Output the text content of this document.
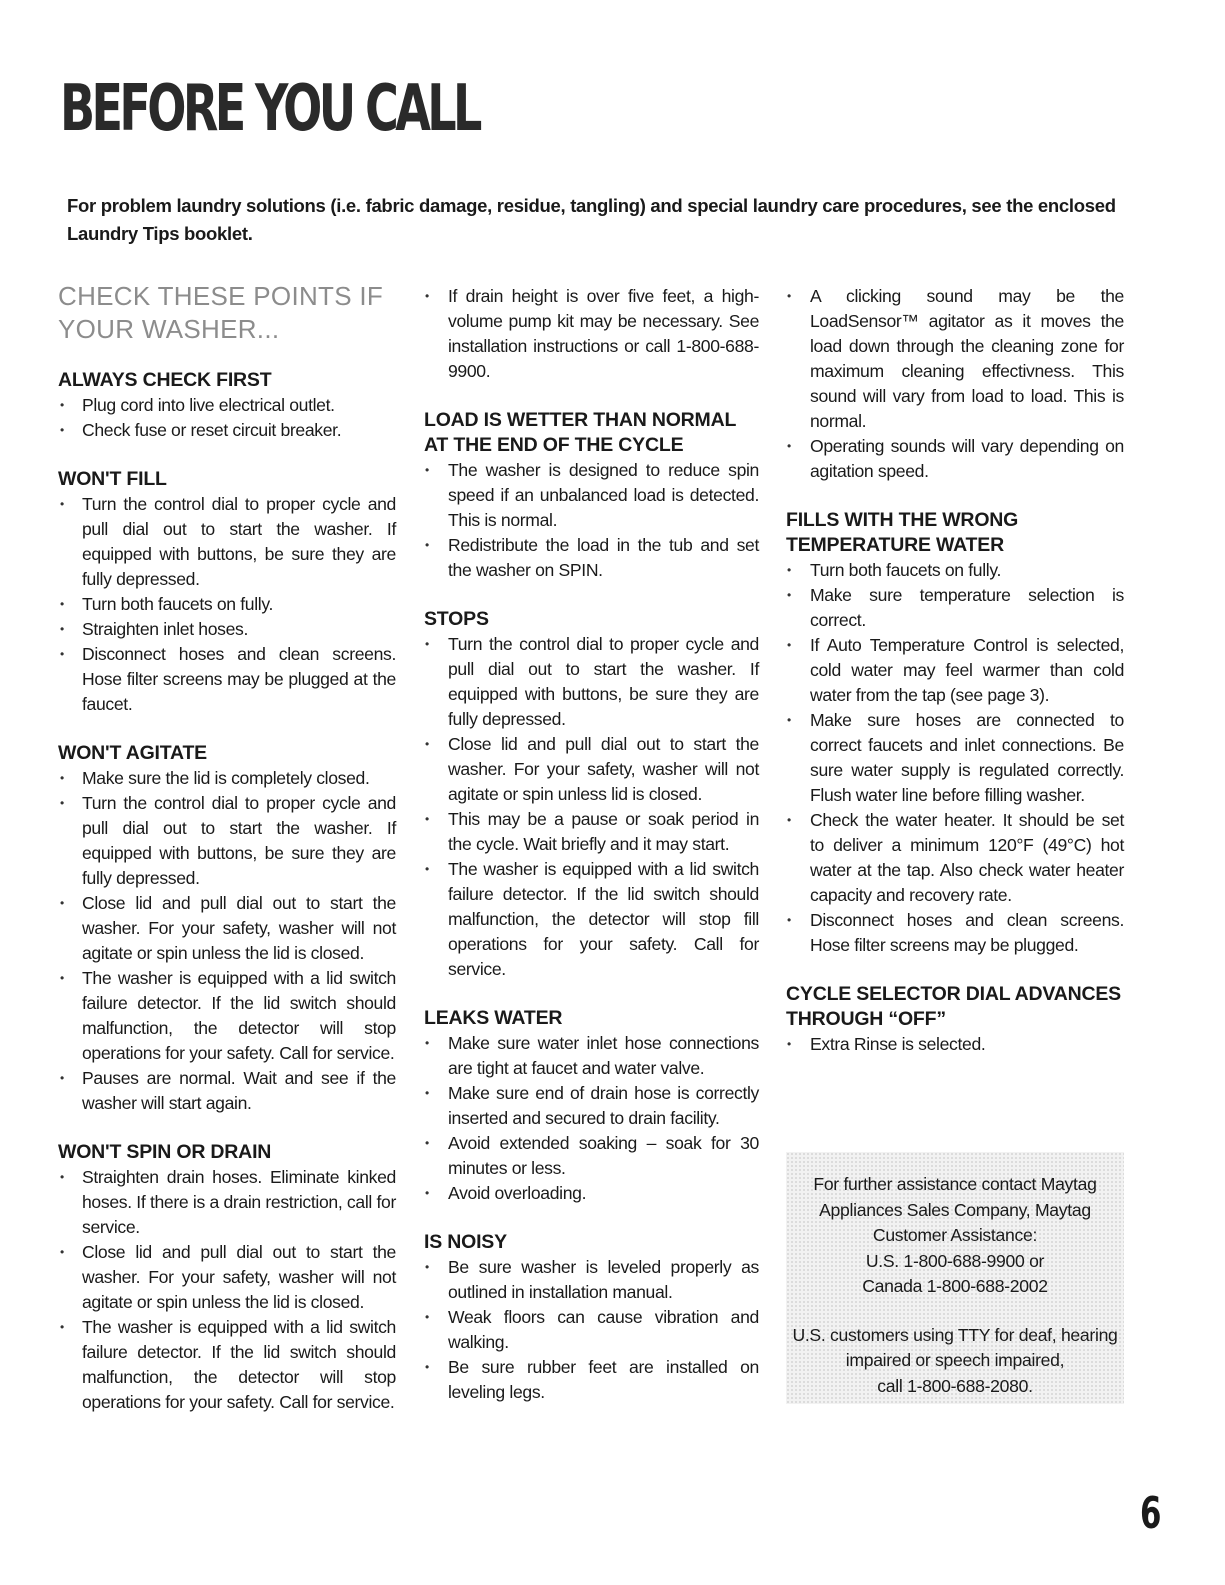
BEFORE YOU CALL
For problem laundry solutions (i.e. fabric damage, residue, tangling) and special laundry care procedures, see the enclosed Laundry Tips booklet.
CHECK THESE POINTS IF
YOUR WASHER...
ALWAYS CHECK FIRST
• Plug cord into live electrical outlet.
• Check fuse or reset circuit breaker.
WON'T FILL
• Turn the control dial to proper cycle and pull dial out to start the washer. If equipped with buttons, be sure they are fully depressed.
• Turn both faucets on fully.
• Straighten inlet hoses.
• Disconnect hoses and clean screens. Hose filter screens may be plugged at the faucet.
WON'T AGITATE
• Make sure the lid is completely closed.
• Turn the control dial to proper cycle and pull dial out to start the washer. If equipped with buttons, be sure they are fully depressed.
• Close lid and pull dial out to start the washer. For your safety, washer will not agitate or spin unless the lid is closed.
• The washer is equipped with a lid switch failure detector. If the lid switch should malfunction, the detector will stop operations for your safety. Call for service.
• Pauses are normal. Wait and see if the washer will start again.
WON'T SPIN OR DRAIN
• Straighten drain hoses. Eliminate kinked hoses. If there is a drain restriction, call for service.
• Close lid and pull dial out to start the washer. For your safety, washer will not agitate or spin unless the lid is closed.
• The washer is equipped with a lid switch failure detector. If the lid switch should malfunction, the detector will stop operations for your safety. Call for service.
• If drain height is over five feet, a high-volume pump kit may be necessary. See installation instructions or call 1-800-688-9900.
LOAD IS WETTER THAN NORMAL AT THE END OF THE CYCLE
• The washer is designed to reduce spin speed if an unbalanced load is detected. This is normal.
• Redistribute the load in the tub and set the washer on SPIN.
STOPS
• Turn the control dial to proper cycle and pull dial out to start the washer. If equipped with buttons, be sure they are fully depressed.
• Close lid and pull dial out to start the washer. For your safety, washer will not agitate or spin unless lid is closed.
• This may be a pause or soak period in the cycle. Wait briefly and it may start.
• The washer is equipped with a lid switch failure detector. If the lid switch should malfunction, the detector will stop fill operations for your safety. Call for service.
LEAKS WATER
• Make sure water inlet hose connections are tight at faucet and water valve.
• Make sure end of drain hose is correctly inserted and secured to drain facility.
• Avoid extended soaking – soak for 30 minutes or less.
• Avoid overloading.
IS NOISY
• Be sure washer is leveled properly as outlined in installation manual.
• Weak floors can cause vibration and walking.
• Be sure rubber feet are installed on leveling legs.
• A clicking sound may be the LoadSensor™ agitator as it moves the load down through the cleaning zone for maximum cleaning effectivness. This sound will vary from load to load. This is normal.
• Operating sounds will vary depending on agitation speed.
FILLS WITH THE WRONG TEMPERATURE WATER
• Turn both faucets on fully.
• Make sure temperature selection is correct.
• If Auto Temperature Control is selected, cold water may feel warmer than cold water from the tap (see page 3).
• Make sure hoses are connected to correct faucets and inlet connections. Be sure water supply is regulated correctly. Flush water line before filling washer.
• Check the water heater. It should be set to deliver a minimum 120°F (49°C) hot water at the tap. Also check water heater capacity and recovery rate.
• Disconnect hoses and clean screens. Hose filter screens may be plugged.
CYCLE SELECTOR DIAL ADVANCES THROUGH “OFF”
• Extra Rinse is selected.
For further assistance contact Maytag
Appliances Sales Company, Maytag
Customer Assistance:
U.S. 1-800-688-9900 or
Canada 1-800-688-2002
U.S. customers using TTY for deaf, hearing
impaired or speech impaired,
call 1-800-688-2080.
6
